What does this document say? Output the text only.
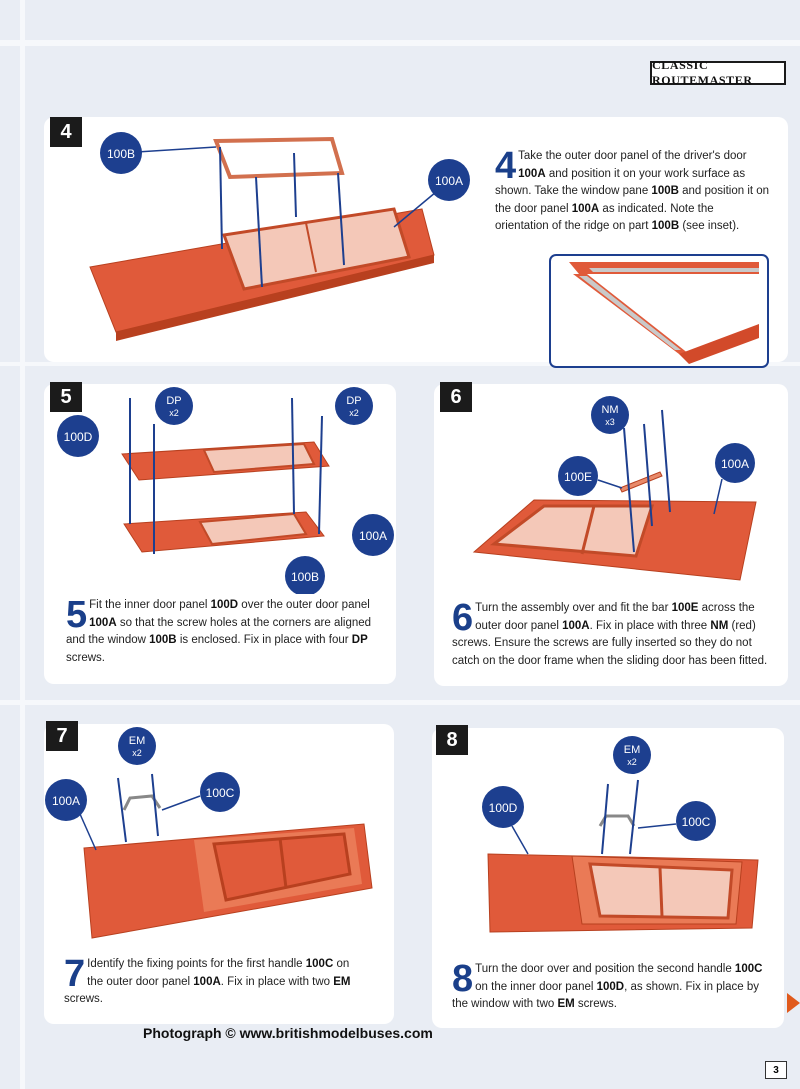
CLASSIC ROUTEMASTER
4
100B
100A 4 Take the outer door panel of the driver's door 100A and position it on your work surface as shown. Take the window pane 100B and position it on the door panel 100A as indicated. Note the orientation of the ridge on part 100B (see inset).
5	DP
x2
DP
x2
100D
100A
100B
5 Fit the inner door panel 100D over the outer door panel 100A so that the screw holes at the corners are aligned and the window 100B is enclosed. Fix in place with four DP screws.
6
NM
x3
100E
100A
6 Turn the assembly over and fit the bar 100E across the outer door panel 100A. Fix in place with three NM (red) screws. Ensure the screws are fully inserted so they do not catch on the door frame when the sliding door has been fitted.
7	EM
x2
100A
100C
7 Identify the fixing points for the first handle 100C on the outer door panel 100A. Fix in place with two EM screws.
8	EM
x2
100D
100C
8 Turn the door over and position the second handle 100C on the inner door panel 100D, as shown. Fix in place by the window with two EM screws.
Photograph © www.britishmodelbuses.com
3
